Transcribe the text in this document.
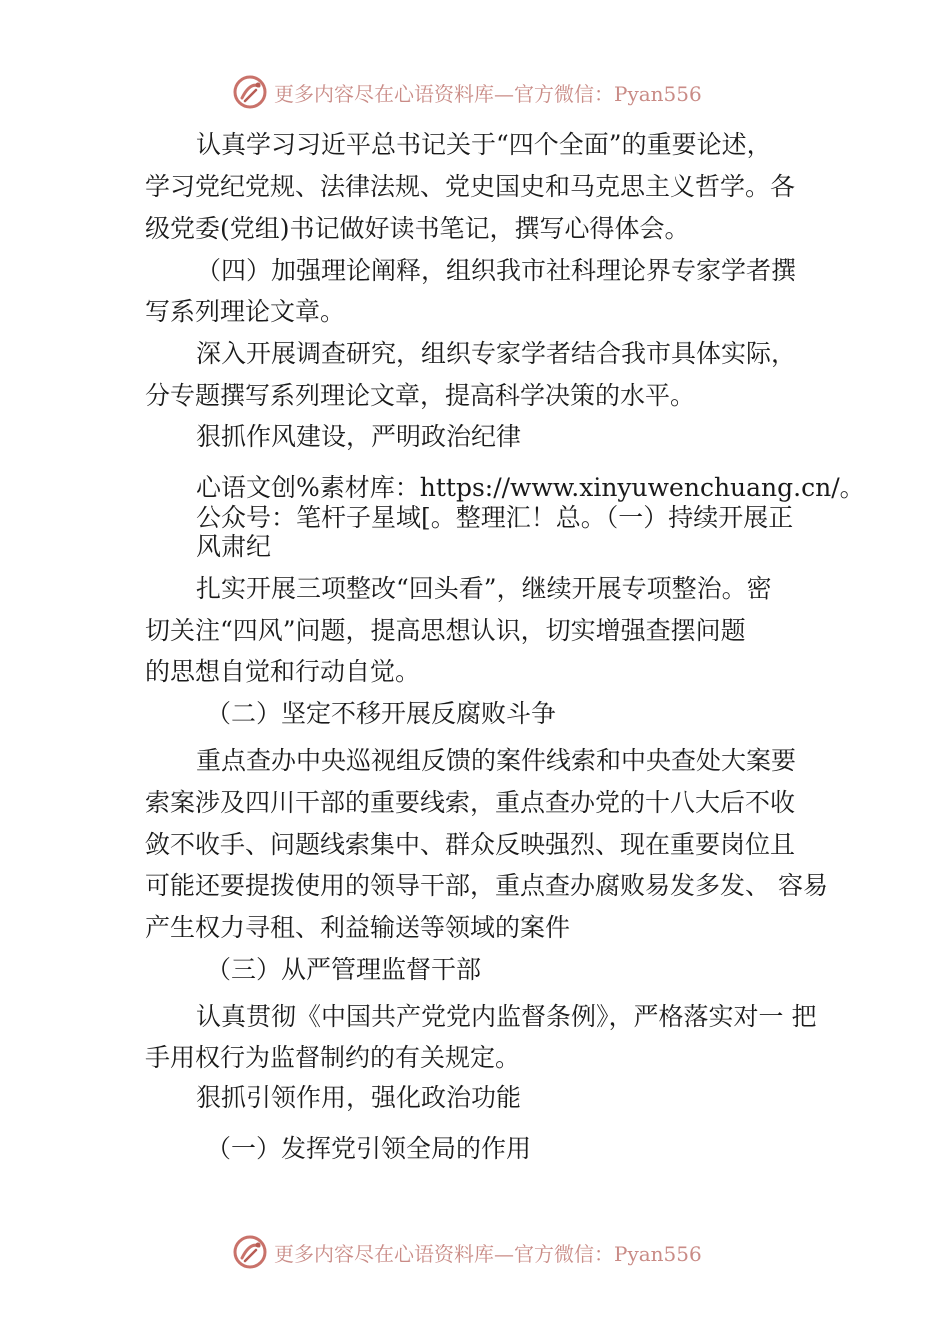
更多内容尽在心语资料库—官方微信：Pyan556
认真学习习近平总书记关于“四个全面”的重要论述，
学习党纪党规、法律法规、党史国史和马克思主义哲学。各
级党委(党组)书记做好读书笔记，撰写心得体会。
（四）加强理论阐释，组织我市社科理论界专家学者撰
写系列理论文章。
深入开展调查研究，组织专家学者结合我市具体实际，
分专题撰写系列理论文章，提高科学决策的水平。
狠抓作风建设，严明政治纪律
心语文创%素材库：https://www.xinyuwenchuang.cn/。
公众号：笔杆子星域[。整理汇！总。（一）持续开展正
风肃纪
扎实开展三项整改“回头看”，继续开展专项整治。密
切关注“四风”问题，提高思想认识，切实增强查摆问题
的思想自觉和行动自觉。
（二）坚定不移开展反腐败斗争
重点查办中央巡视组反馈的案件线索和中央查处大案要
索案涉及四川干部的重要线索，重点查办党的十八大后不收
敛不收手、问题线索集中、群众反映强烈、现在重要岗位且
可能还要提拨使用的领导干部，重点查办腐败易发多发、 容易
产生权力寻租、利益输送等领域的案件
（三）从严管理监督干部
认真贯彻《中国共产党党内监督条例》，严格落实对一 把
手用权行为监督制约的有关规定。
狠抓引领作用，强化政治功能
（一）发挥党引领全局的作用
更多内容尽在心语资料库—官方微信：Pyan556
